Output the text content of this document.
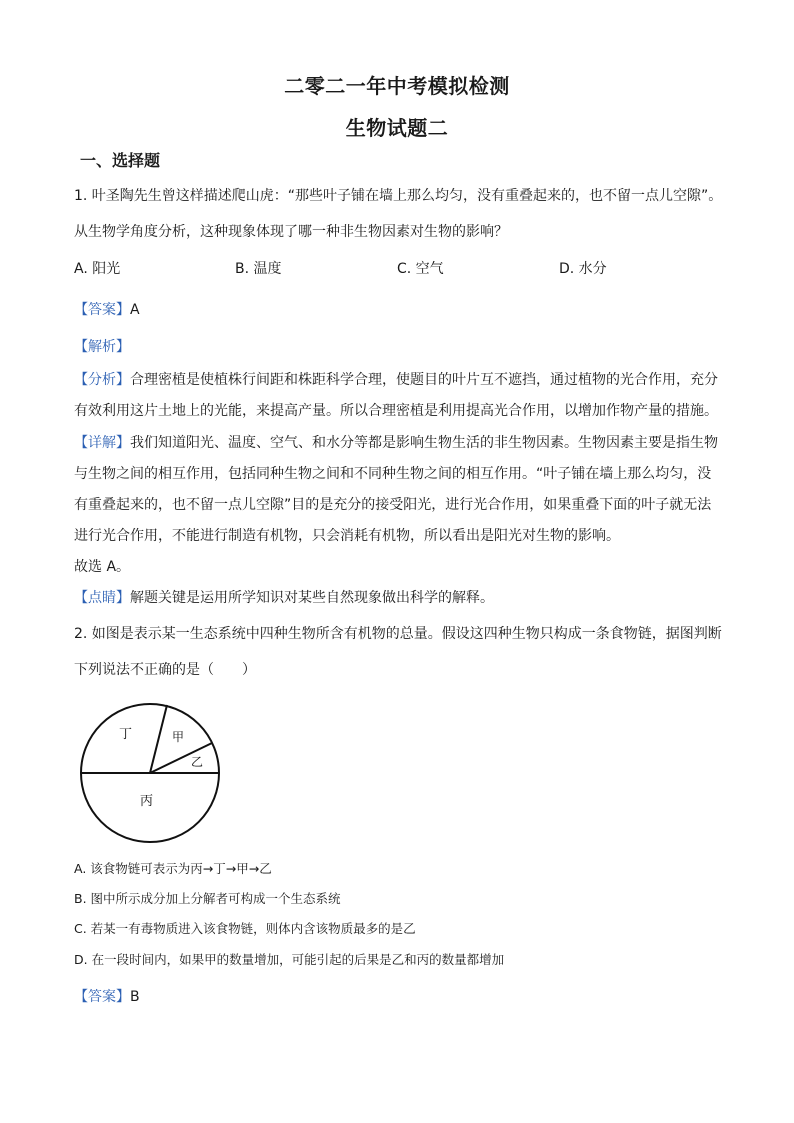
二零二一年中考模拟检测
生物试题二
一、选择题
1. 叶圣陶先生曾这样描述爬山虎：“那些叶子铺在墙上那么均匀，没有重叠起来的，也不留一点儿空隙”。
从生物学角度分析，这种现象体现了哪一种非生物因素对生物的影响？
A. 阳光	B. 温度	C. 空气	D. 水分
【答案】A
【解析】
【分析】合理密植是使植株行间距和株距科学合理，使题目的叶片互不遮挡，通过植物的光合作用，充分
有效利用这片土地上的光能，来提高产量。所以合理密植是利用提高光合作用，以增加作物产量的措施。
【详解】我们知道阳光、温度、空气、和水分等都是影响生物生活的非生物因素。生物因素主要是指生物
与生物之间的相互作用，包括同种生物之间和不同种生物之间的相互作用。“叶子铺在墙上那么均匀，没
有重叠起来的，也不留一点儿空隙”目的是充分的接受阳光，进行光合作用，如果重叠下面的叶子就无法
进行光合作用，不能进行制造有机物，只会消耗有机物，所以看出是阳光对生物的影响。
故选 A。
【点睛】解题关键是运用所学知识对某些自然现象做出科学的解释。
2. 如图是表示某一生态系统中四种生物所含有机物的总量。假设这四种生物只构成一条食物链，据图判断
下列说法不正确的是（　　）
丁	甲
乙
丙
A. 该食物链可表示为丙→丁→甲→乙
B. 图中所示成分加上分解者可构成一个生态系统
C. 若某一有毒物质进入该食物链，则体内含该物质最多的是乙
D. 在一段时间内，如果甲的数量增加，可能引起的后果是乙和丙的数量都增加
【答案】B
